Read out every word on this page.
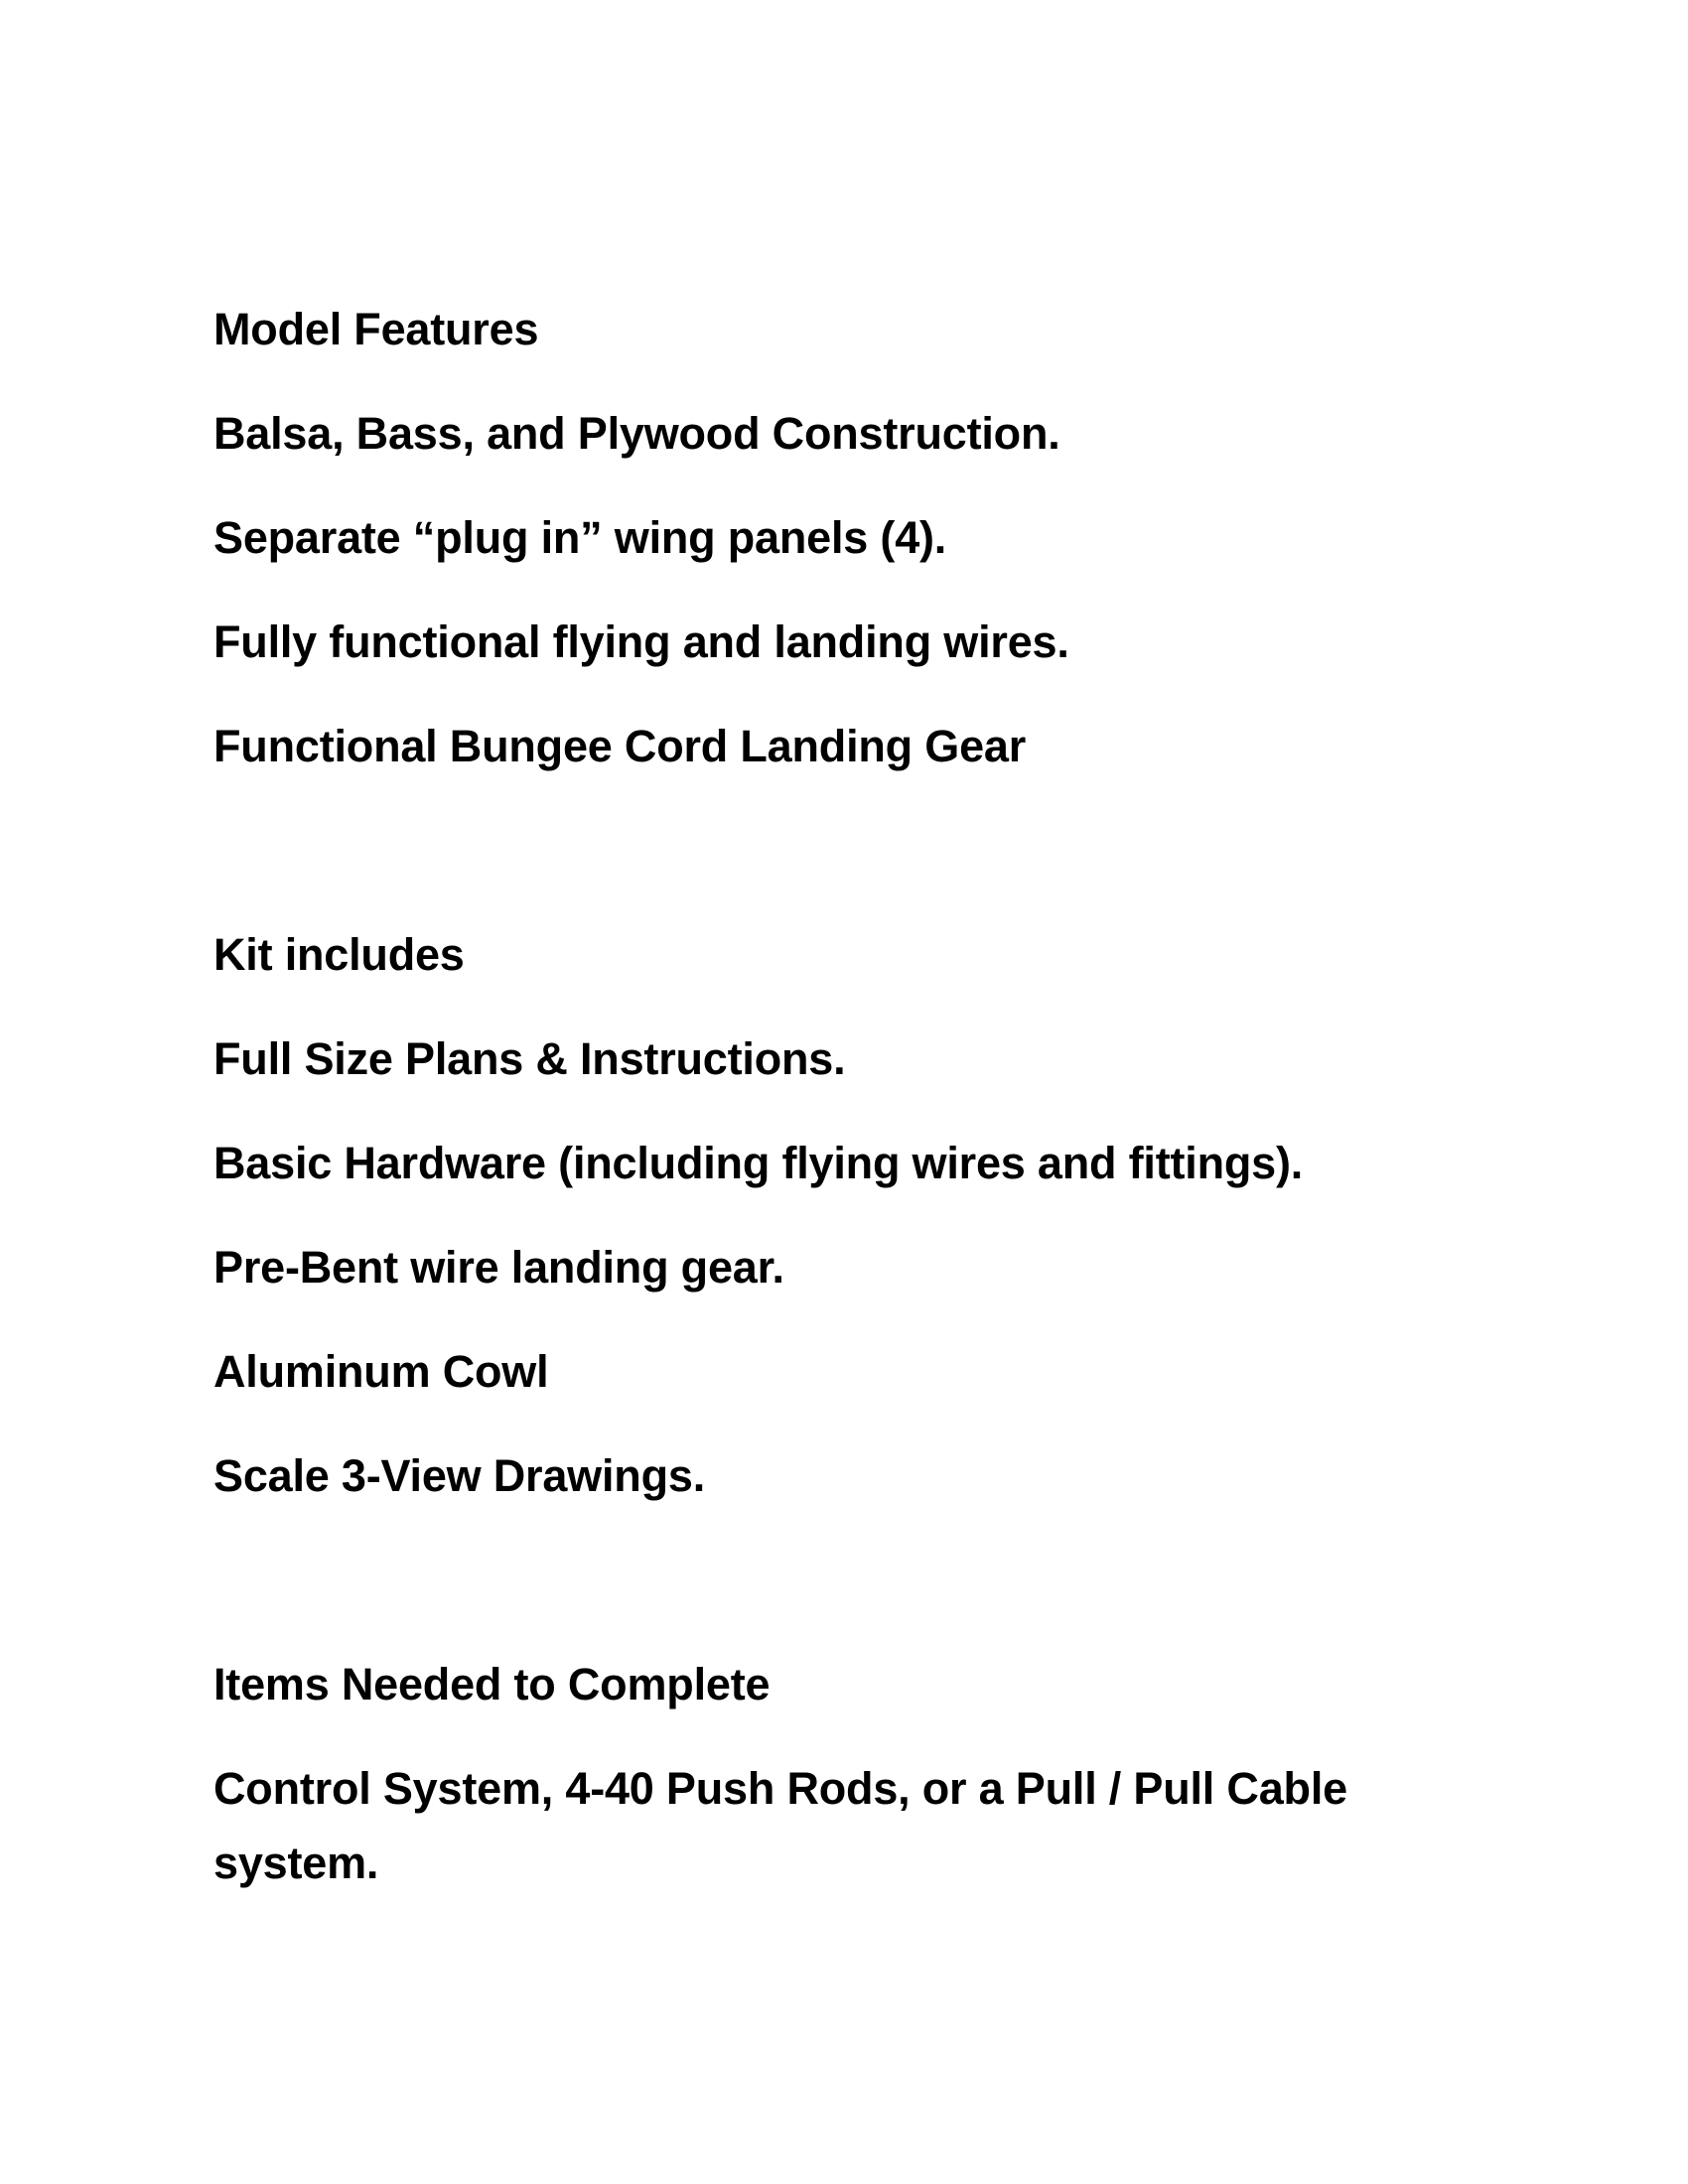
Model Features

Balsa, Bass, and Plywood Construction.

Separate “plug in” wing panels (4).

Fully functional flying and landing wires.

Functional Bungee Cord Landing Gear

Kit includes

Full Size Plans & Instructions.

Basic Hardware (including flying wires and fittings).

Pre-Bent wire landing gear.

Aluminum Cowl

Scale 3-View Drawings.

Items Needed to Complete

Control System, 4-40 Push Rods, or a Pull / Pull Cable system.
